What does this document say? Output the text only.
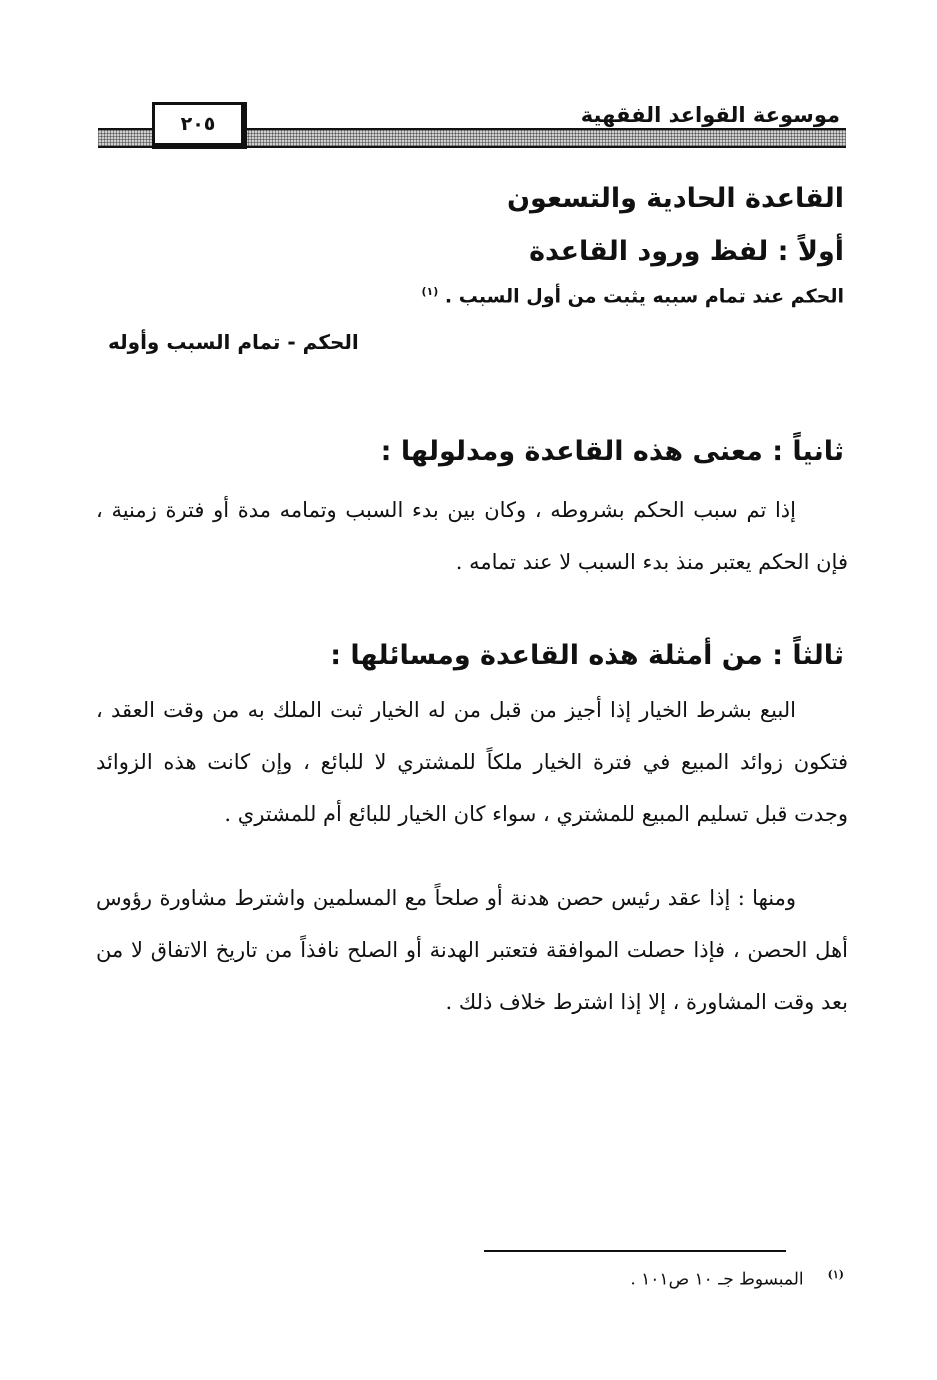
موسوعة القواعد الفقهية
٢٠٥
القاعدة الحادية والتسعون
أولاً : لفظ ورود القاعدة
الحكم عند تمام سببه يثبت من أول السبب . $^{(١)}$
الحكم - تمام السبب وأوله
ثانياً : معنى هذه القاعدة ومدلولها :
إذا تم سبب الحكم بشروطه ، وكان بين بدء السبب وتمامه مدة أو فترة زمنية ، فإن الحكم يعتبر منذ بدء السبب لا عند تمامه .
ثالثاً : من أمثلة هذه القاعدة ومسائلها :
البيع بشرط الخيار إذا أجيز من قبل من له الخيار ثبت الملك به من وقت العقد ، فتكون زوائد المبيع في فترة الخيار ملكاً للمشتري لا للبائع ، وإن كانت هذه الزوائد وجدت قبل تسليم المبيع للمشتري ، سواء كان الخيار للبائع أم للمشتري .
ومنها : إذا عقد رئيس حصن هدنة أو صلحاً مع المسلمين واشترط مشاورة رؤوس أهل الحصن ، فإذا حصلت الموافقة فتعتبر الهدنة أو الصلح نافذاً من تاريخ الاتفاق لا من بعد وقت المشاورة ، إلا إذا اشترط خلاف ذلك .
$^{(١)}$المبسوط جـ ١٠ ص١٠١ .
